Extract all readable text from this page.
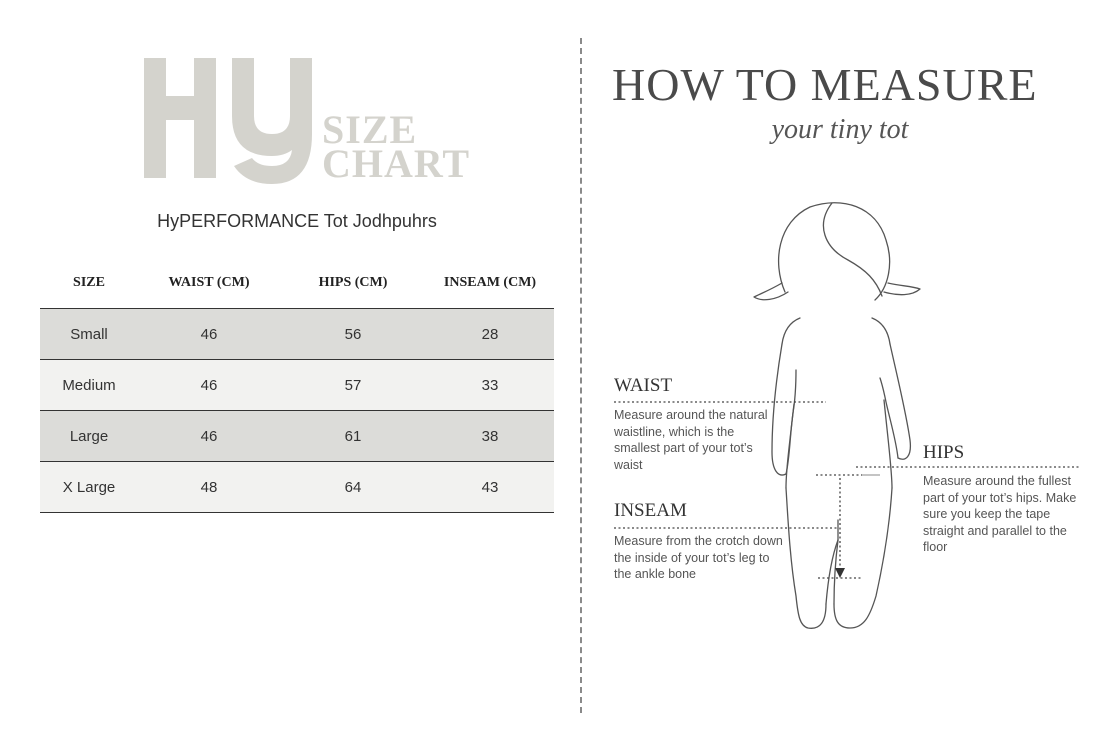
SIZE
CHART
HyPERFORMANCE Tot Jodhpuhrs
SIZE	WAIST (CM)	HIPS (CM)	INSEAM (CM)
Small	46	56	28
Medium	46	57	33
Large	46	61	38
X Large	48	64	43
HOW TO MEASURE
your tiny tot
WAIST
Measure around the natural waistline, which is the smallest part of your tot’s waist
HIPS
Measure around the fullest part of your tot’s hips. Make sure you keep the tape straight and parallel to the floor
INSEAM
Measure from the crotch down the inside of your tot’s leg to the ankle bone
